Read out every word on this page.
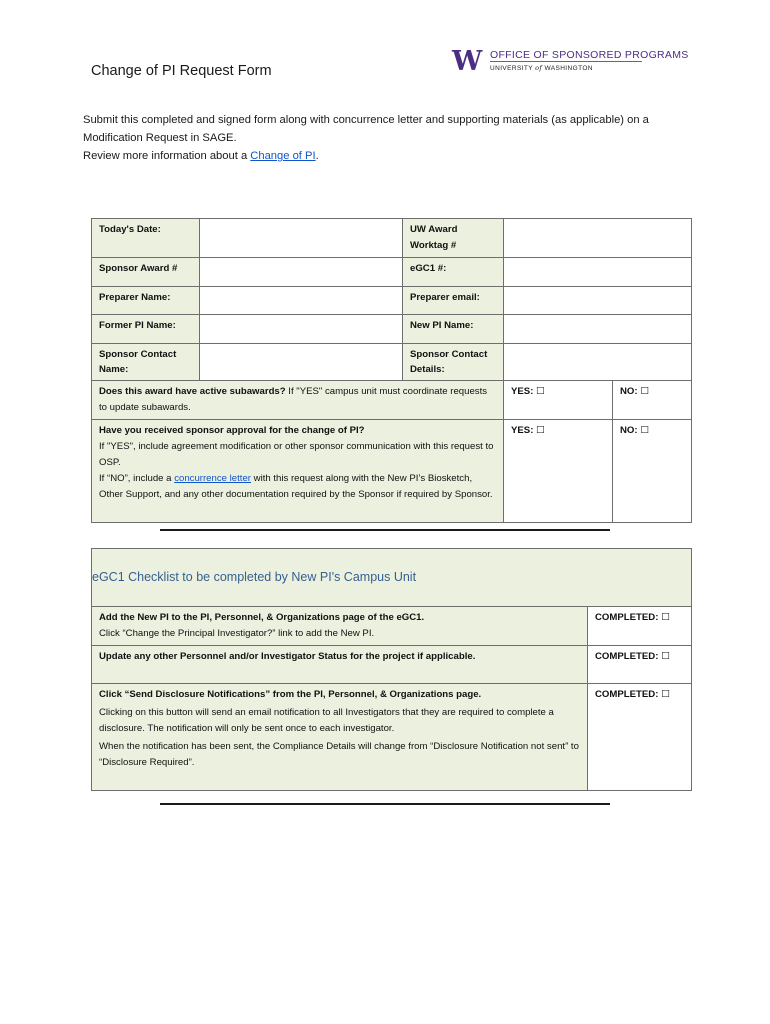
Change of PI Request Form	W OFFICE OF SPONSORED PROGRAMS
UNIVERSITY of WASHINGTON

Submit this completed and signed form along with concurrence letter and supporting materials (as applicable) on a Modification Request in SAGE.

Review more information about a Change of PI.

Today's Date:		UW Award Worktag #		
Sponsor Award #		eGC1 #:		
Preparer Name:		Preparer email:		
Former PI Name:		New PI Name:		
Sponsor Contact Name:		Sponsor Contact Details:		
Does this award have active subawards? If "YES" campus unit must coordinate requests to update subawards.			YES: ☐	NO: ☐

Have you received sponsor approval for the change of PI?
If "YES", include agreement modification or other sponsor communication with this request to OSP.
If “NO”, include a concurrence letter with this request along with the New PI’s Biosketch, Other Support, and any other documentation required by the Sponsor if required by Sponsor.			YES: ☐	NO: ☐
eGC1 Checklist to be completed by New PI's Campus Unit	

Add the New PI to the PI, Personnel, & Organizations page of the eGC1.
Click “Change the Principal Investigator?” link to add the New PI.	COMPLETED: ☐

Update any other Personnel and/or Investigator Status for the project if applicable.	COMPLETED: ☐

Click “Send Disclosure Notifications” from the PI, Personnel, & Organizations page.
Clicking on this button will send an email notification to all Investigators that they are required to complete a disclosure. The notification will only be sent once to each investigator.
When the notification has been sent, the Compliance Details will change from “Disclosure Notification not sent” to “Disclosure Required”.	COMPLETED: ☐
